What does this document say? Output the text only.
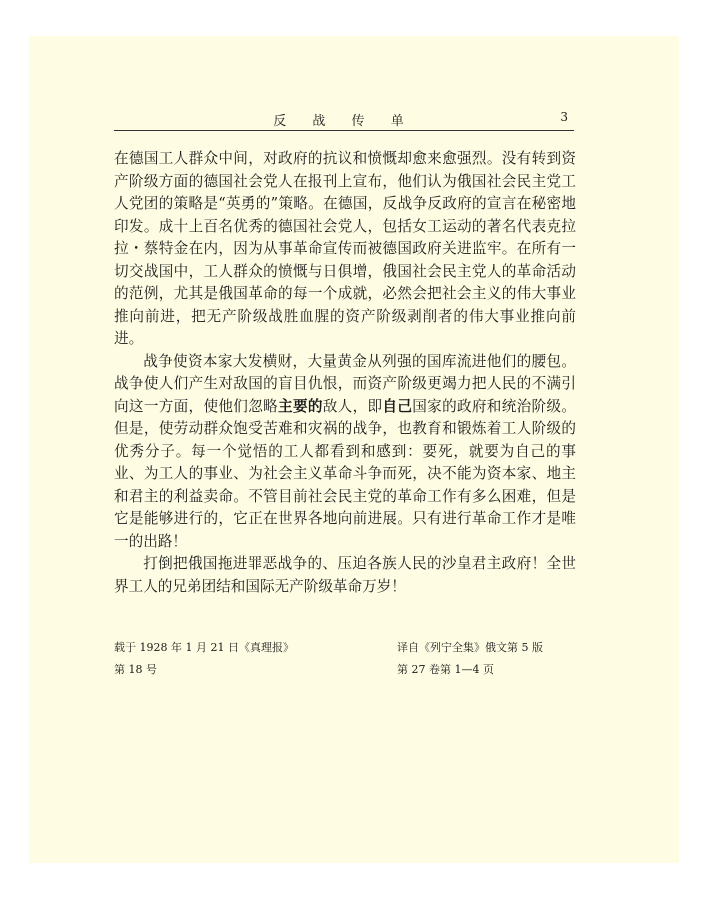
反 战 传 单	3

在德国工人群众中间，对政府的抗议和愤慨却愈来愈强烈。没有转到资产阶级方面的德国社会党人在报刊上宣布，他们认为俄国社会民主党工人党团的策略是“英勇的”策略。在德国，反战争反政府的宣言在秘密地印发。成十上百名优秀的德国社会党人，包括女工运动的著名代表克拉拉・蔡特金在内，因为从事革命宣传而被德国政府关进监牢。在所有一切交战国中，工人群众的愤慨与日俱增，俄国社会民主党人的革命活动的范例，尤其是俄国革命的每一个成就，必然会把社会主义的伟大事业推向前进，把无产阶级战胜血腥的资产阶级剥削者的伟大事业推向前进。

战争使资本家大发横财，大量黄金从列强的国库流进他们的腰包。战争使人们产生对敌国的盲目仇恨，而资产阶级更竭力把人民的不满引向这一方面，使他们忽略主要的敌人，即自己国家的政府和统治阶级。但是，使劳动群众饱受苦难和灾祸的战争，也教育和锻炼着工人阶级的优秀分子。每一个觉悟的工人都看到和感到：要死，就要为自己的事业、为工人的事业、为社会主义革命斗争而死，决不能为资本家、地主和君主的利益卖命。不管目前社会民主党的革命工作有多么困难，但是它是能够进行的，它正在世界各地向前进展。只有进行革命工作才是唯一的出路！

打倒把俄国拖进罪恶战争的、压迫各族人民的沙皇君主政府！全世界工人的兄弟团结和国际无产阶级革命万岁！

载于 1928 年 1 月 21 日《真理报》
第 18 号
译自《列宁全集》俄文第 5 版
第 27 卷第 1—4 页
